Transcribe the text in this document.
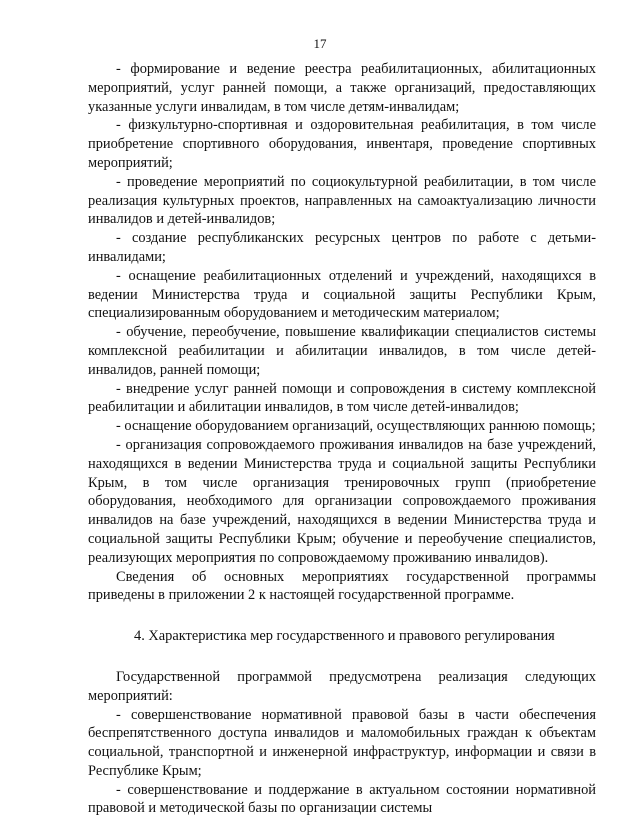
17

- формирование и ведение реестра реабилитационных, абилитационных мероприятий, услуг ранней помощи, а также организаций, предоставляющих указанные услуги инвалидам, в том числе детям-инвалидам;

- физкультурно-спортивная и оздоровительная реабилитация, в том числе приобретение спортивного оборудования, инвентаря, проведение спортивных мероприятий;

- проведение мероприятий по социокультурной реабилитации, в том числе реализация культурных проектов, направленных на самоактуализацию личности инвалидов и детей-инвалидов;

- создание республиканских ресурсных центров по работе с детьми-инвалидами;

- оснащение реабилитационных отделений и учреждений, находящихся в ведении Министерства труда и социальной защиты Республики Крым, специализированным оборудованием и методическим материалом;

- обучение, переобучение, повышение квалификации специалистов системы комплексной реабилитации и абилитации инвалидов, в том числе детей-инвалидов, ранней помощи;

- внедрение услуг ранней помощи и сопровождения в систему комплексной реабилитации и абилитации инвалидов, в том числе детей-инвалидов;

- оснащение оборудованием организаций, осуществляющих раннюю помощь;

- организация сопровождаемого проживания инвалидов на базе учреждений, находящихся в ведении Министерства труда и социальной защиты Республики Крым, в том числе организация тренировочных групп (приобретение оборудования, необходимого для организации сопровождаемого проживания инвалидов на базе учреждений, находящихся в ведении Министерства труда и социальной защиты Республики Крым; обучение и переобучение специалистов, реализующих мероприятия по сопровождаемому проживанию инвалидов).

Сведения об основных мероприятиях государственной программы приведены в приложении 2 к настоящей государственной программе.

4. Характеристика мер государственного и правового регулирования

Государственной программой предусмотрена реализация следующих мероприятий:

- совершенствование нормативной правовой базы в части обеспечения беспрепятственного доступа инвалидов и маломобильных граждан к объектам социальной, транспортной и инженерной инфраструктур, информации и связи в Республике Крым;

- совершенствование и поддержание в актуальном состоянии нормативной правовой и методической базы по организации системы
